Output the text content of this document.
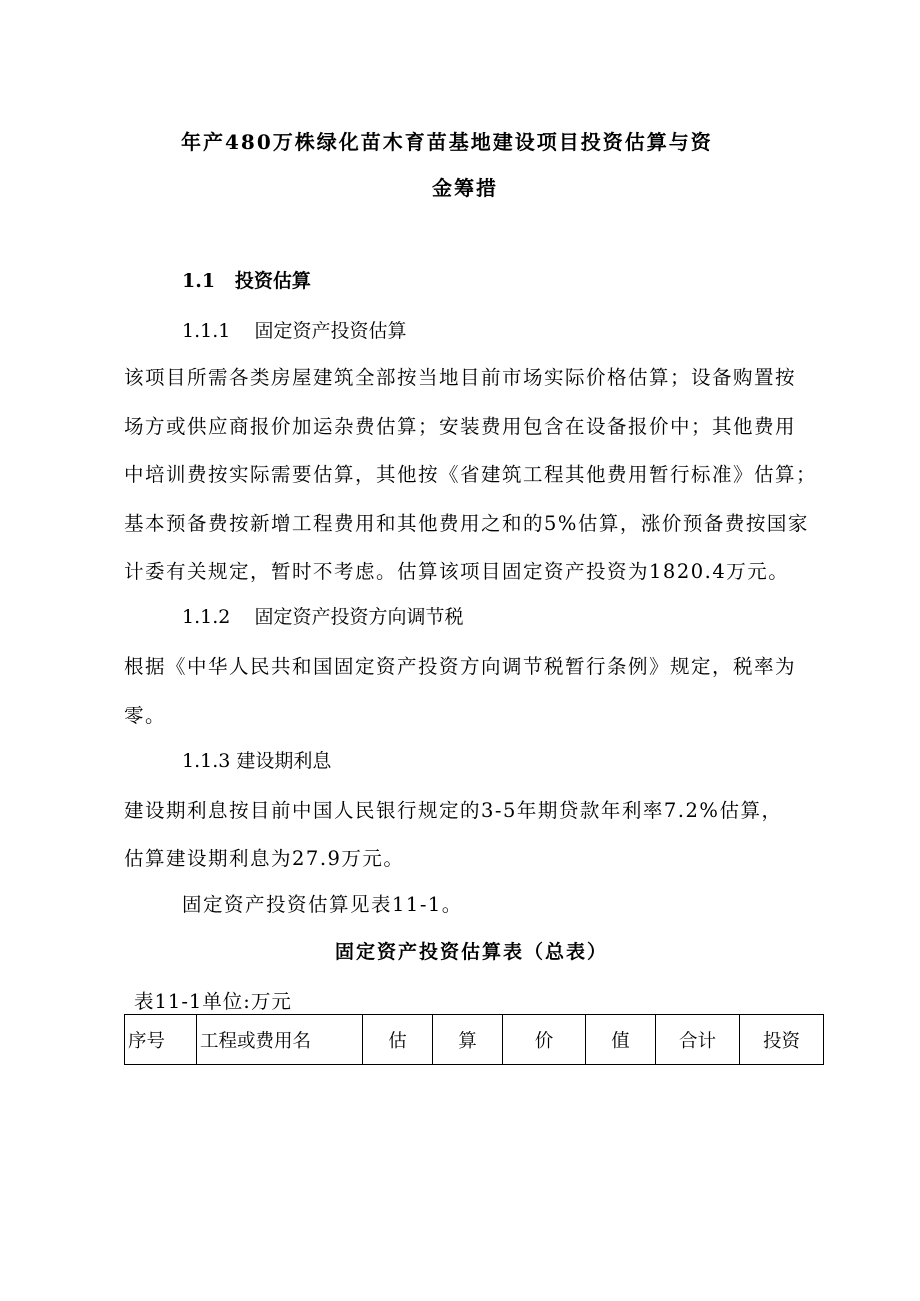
年产480万株绿化苗木育苗基地建设项目投资估算与资
金筹措
1.1   投资估算
1.1.1    固定资产投资估算
该项目所需各类房屋建筑全部按当地目前市场实际价格估算；设备购置按
场方或供应商报价加运杂费估算；安装费用包含在设备报价中；其他费用
中培训费按实际需要估算，其他按《省建筑工程其他费用暂行标准》估算；
基本预备费按新增工程费用和其他费用之和的5%估算，涨价预备费按国家
计委有关规定，暂时不考虑。估算该项目固定资产投资为1820.4万元。
1.1.2    固定资产投资方向调节税
根据《中华人民共和国固定资产投资方向调节税暂行条例》规定，税率为
零。
1.1.3 建设期利息
建设期利息按目前中国人民银行规定的3-5年期贷款年利率7.2%估算，
估算建设期利息为27.9万元。
固定资产投资估算见表11-1。
固定资产投资估算表（总表）
表11-1单位:万元
序号	工程或费用名	估	算	价	值	合计	投资
